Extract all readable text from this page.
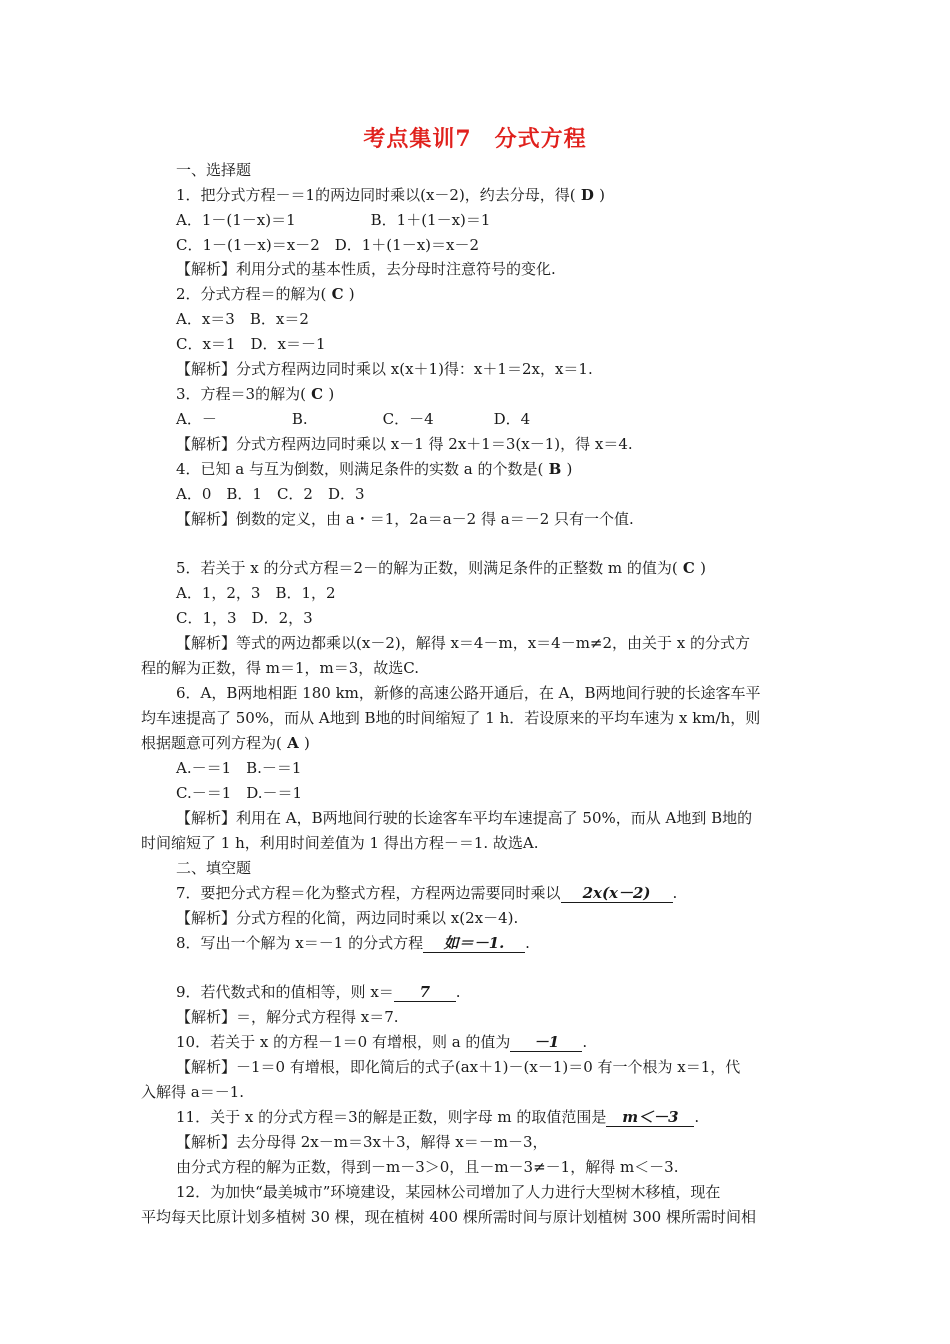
考点集训7　分式方程
一、选择题
1．把分式方程－＝1的两边同时乘以(x－2)，约去分母，得( D )
A．1－(1－x)＝1　　　　　B．1＋(1－x)＝1
C．1－(1－x)＝x－2　D．1＋(1－x)＝x－2
【解析】利用分式的基本性质，去分母时注意符号的变化.
2．分式方程＝的解为( C )
A．x＝3　B．x＝2
C．x＝1　D．x＝－1
【解析】分式方程两边同时乘以 x(x＋1)得：x＋1＝2x，x＝1.
3．方程＝3的解为( C )
A．－　　　　　B.　　　　　C．－4　　　　D．4
【解析】分式方程两边同时乘以 x－1 得 2x＋1＝3(x－1)，得 x＝4.
4．已知 a 与互为倒数，则满足条件的实数 a 的个数是( B )
A．0　B．1　C．2　D．3
【解析】倒数的定义，由 a・＝1，2a＝a－2 得 a＝－2 只有一个值.
5．若关于 x 的分式方程＝2－的解为正数，则满足条件的正整数 m 的值为( C )
A．1，2，3　B．1，2
C．1，3　D．2，3
【解析】等式的两边都乘以(x－2)，解得 x＝4－m，x＝4－m≠2，由关于 x 的分式方
程的解为正数，得 m＝1，m＝3，故选C.
6．A，B两地相距 180 km，新修的高速公路开通后，在 A，B两地间行驶的长途客车平
均车速提高了 50%，而从 A地到 B地的时间缩短了 1 h．若设原来的平均车速为 x km/h，则
根据题意可列方程为( A )
A.－＝1　B.－＝1
C.－＝1　D.－＝1
【解析】利用在 A，B两地间行驶的长途客车平均车速提高了 50%，而从 A地到 B地的
时间缩短了 1 h，利用时间差值为 1 得出方程－＝1. 故选A.
二、填空题
7．要把分式方程＝化为整式方程，方程两边需要同时乘以 2x(x－2) .
【解析】分式方程的化简，两边同时乘以 x(2x－4).
8．写出一个解为 x＝－1 的分式方程 如＝－1. .
9．若代数式和的值相等，则 x＝ 7 .
【解析】＝，解分式方程得 x＝7.
10．若关于 x 的方程－1＝0 有增根，则 a 的值为 －1 .
【解析】－1＝0 有增根，即化简后的式子(ax＋1)－(x－1)＝0 有一个根为 x＝1，代
入解得 a＝－1.
11．关于 x 的分式方程＝3的解是正数，则字母 m 的取值范围是 m＜－3 .
【解析】去分母得 2x－m＝3x＋3，解得 x＝－m－3，
由分式方程的解为正数，得到－m－3＞0，且－m－3≠－1，解得 m＜－3.
12．为加快“最美城市”环境建设，某园林公司增加了人力进行大型树木移植，现在
平均每天比原计划多植树 30 棵，现在植树 400 棵所需时间与原计划植树 300 棵所需时间相
